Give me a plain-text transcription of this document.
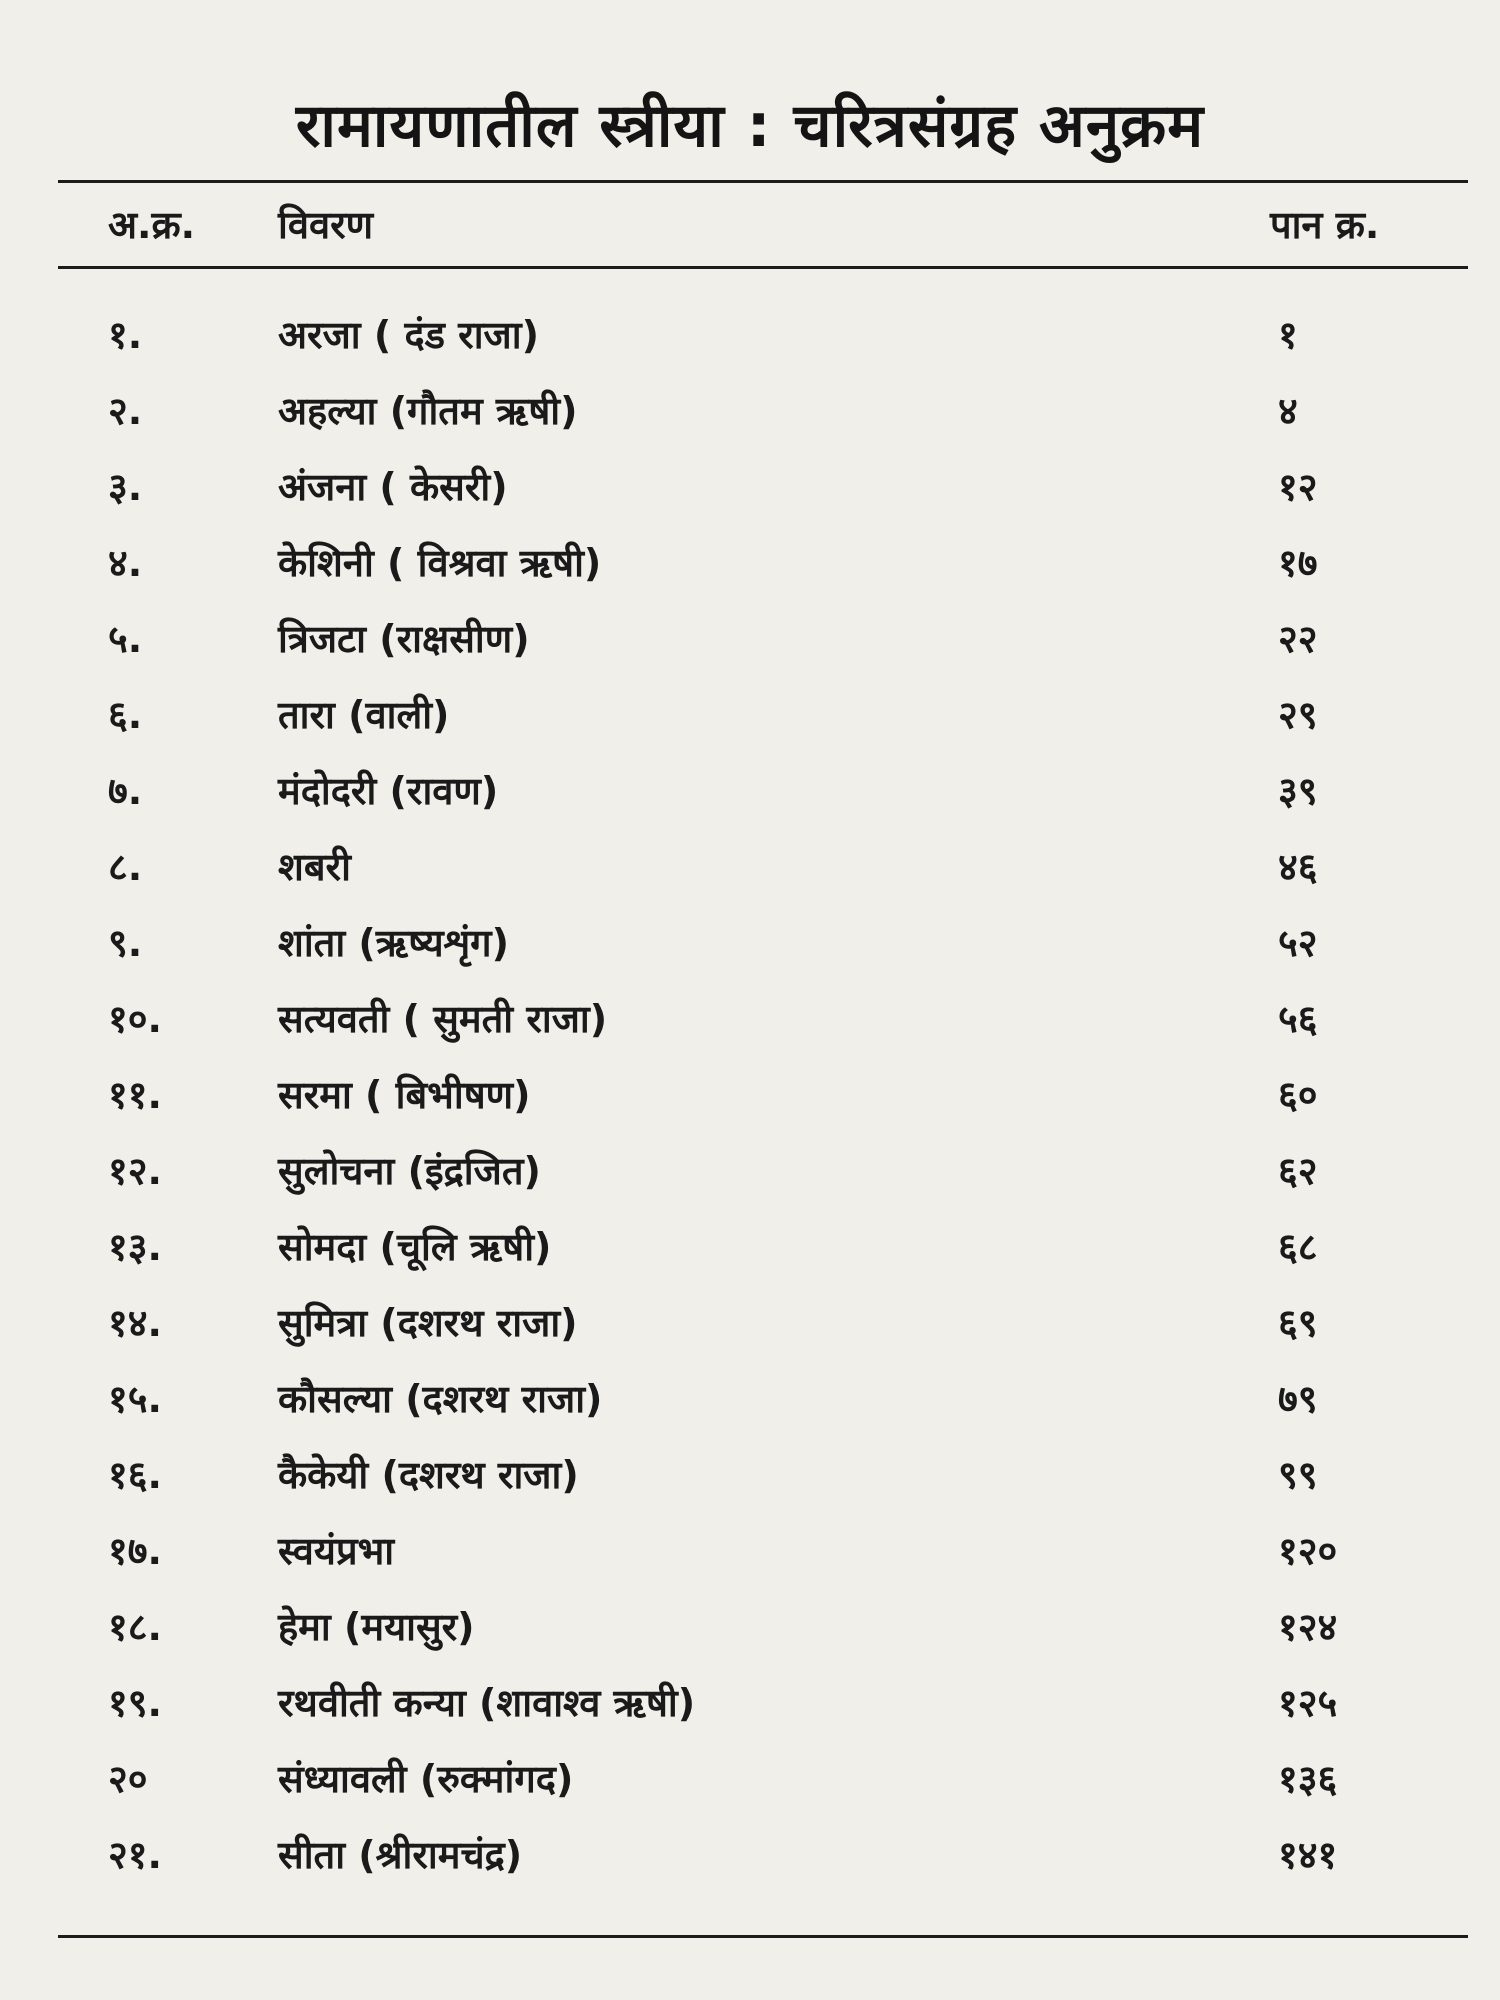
रामायणातील स्त्रीया : चरित्रसंग्रह अनुक्रम
अ.क्र. विवरण	पान क्र.
१.	अरजा ( दंड राजा)	१
२.	अहल्या (गौतम ऋषी)	४
३.	अंजना ( केसरी)	१२
४.	केशिनी ( विश्रवा ऋषी)	१७
५.	त्रिजटा (राक्षसीण)	२२
६.	तारा (वाली)	२९
७.	मंदोदरी (रावण)	३९
८.	शबरी	४६
९.	शांता (ऋष्यशृंग)	५२
१०.	सत्यवती ( सुमती राजा)	५६
११.	सरमा ( बिभीषण)	६०
१२.	सुलोचना (इंद्रजित)	६२
१३.	सोमदा (चूलि ऋषी)	६८
१४.	सुमित्रा (दशरथ राजा)	६९
१५.	कौसल्या (दशरथ राजा)	७९
१६.	कैकेयी (दशरथ राजा)	९९
१७.	स्वयंप्रभा	१२०
१८.	हेमा (मयासुर)	१२४
१९.	रथवीती कन्या (शावाश्व ऋषी)	१२५
२०	संध्यावली (रुक्मांगद)	१३६
२१.	सीता (श्रीरामचंद्र)	१४१
